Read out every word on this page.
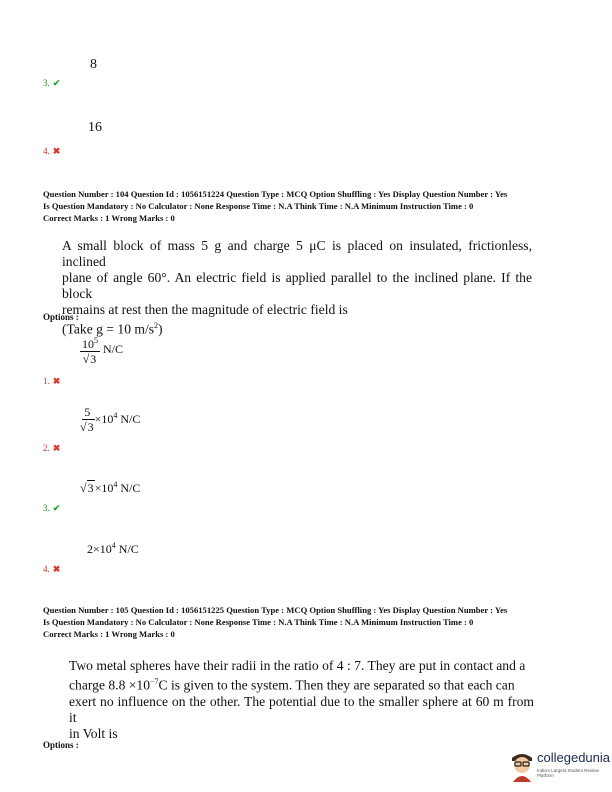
8
3. ✔
16
4. ✖
Question Number : 104 Question Id : 1056151224 Question Type : MCQ Option Shuffling : Yes Display Question Number : Yes
Is Question Mandatory : No Calculator : None Response Time : N.A Think Time : N.A Minimum Instruction Time : 0
Correct Marks : 1 Wrong Marks : 0
A small block of mass 5 g and charge 5 μC is placed on insulated, frictionless, inclined
plane of angle 60°. An electric field is applied parallel to the inclined plane. If the block
remains at rest then the magnitude of electric field is
(Take g = 10 $m/s^2$)
Options :
$\frac{10^5}{√3} N/C$
1. ✖
$\frac{5}{√3} \times 10^4$ N/C
2. ✖
$√3\times 10^4$ N/C
3. ✔
$2\times 10^4$ N/C
4. ✖
Question Number : 105 Question Id : 1056151225 Question Type : MCQ Option Shuffling : Yes Display Question Number : Yes
Is Question Mandatory : No Calculator : None Response Time : N.A Think Time : N.A Minimum Instruction Time : 0
Correct Marks : 1 Wrong Marks : 0
Two metal spheres have their radii in the ratio of 4 : 7. They are put in contact and a
charge $8.8 \times 10^{-7}C$ is given to the system. Then they are separated so that each can
exert no influence on the other. The potential due to the smaller sphere at 60 m from it
in Volt is
Options :
collegedunia
India's Largest Student Review Platform
